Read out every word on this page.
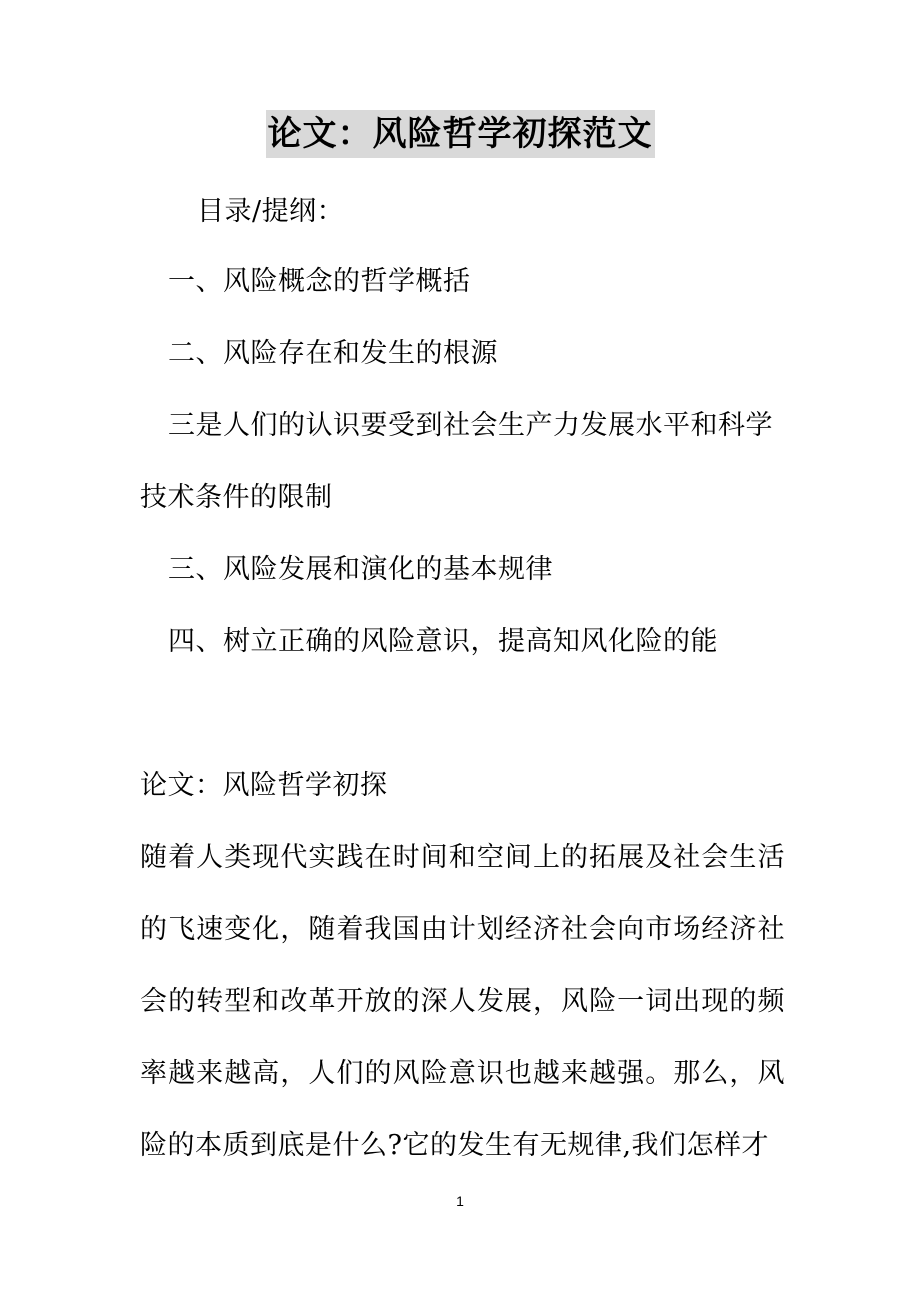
论文：风险哲学初探范文
目录/提纲：
一、风险概念的哲学概括
二、风险存在和发生的根源
三是人们的认识要受到社会生产力发展水平和科学
技术条件的限制
三、风险发展和演化的基本规律
四、树立正确的风险意识，提高知风化险的能
论文：风险哲学初探

随着人类现代实践在时间和空间上的拓展及社会生活的飞速变化，随着我国由计划经济社会向市场经济社会的转型和改革开放的深人发展，风险一词出现的频率越来越高，人们的风险意识也越来越强。那么，风险的本质到底是什么?它的发生有无规律,我们怎样才

1
